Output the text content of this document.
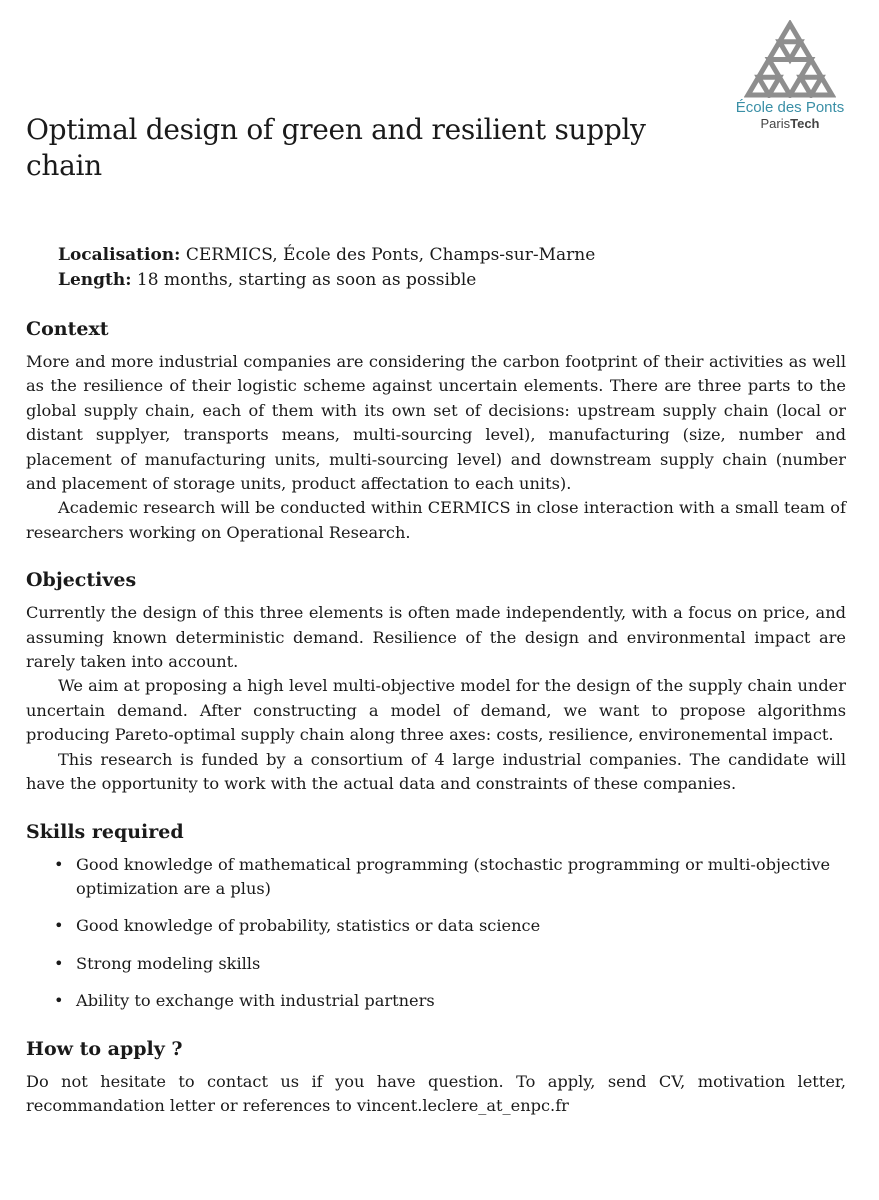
École des Ponts
ParisTech
Optimal design of green and resilient supply chain
Localisation: CERMICS, École des Ponts, Champs-sur-Marne
Length: 18 months, starting as soon as possible
Context

More and more industrial companies are considering the carbon footprint of their activities as well as the resilience of their logistic scheme against uncertain elements. There are three parts to the global supply chain, each of them with its own set of decisions: upstream supply chain (local or distant supplyer, transports means, multi-sourcing level), manufacturing (size, number and placement of manufacturing units, multi-sourcing level) and downstream supply chain (number and placement of storage units, product affectation to each units).

Academic research will be conducted within CERMICS in close interaction with a small team of researchers working on Operational Research.

Objectives

Currently the design of this three elements is often made independently, with a focus on price, and assuming known deterministic demand. Resilience of the design and environmental impact are rarely taken into account.

We aim at proposing a high level multi-objective model for the design of the supply chain under uncertain demand. After constructing a model of demand, we want to propose algorithms producing Pareto-optimal supply chain along three axes: costs, resilience, environemental impact.

This research is funded by a consortium of 4 large industrial companies. The candidate will have the opportunity to work with the actual data and constraints of these companies.

Skills required
• Good knowledge of mathematical programming (stochastic programming or multi-objective optimization are a plus)
• Good knowledge of probability, statistics or data science
• Strong modeling skills
• Ability to exchange with industrial partners
How to apply ?

Do not hesitate to contact us if you have question. To apply, send CV, motivation letter, recommandation letter or references to vincent.leclere_at_enpc.fr
